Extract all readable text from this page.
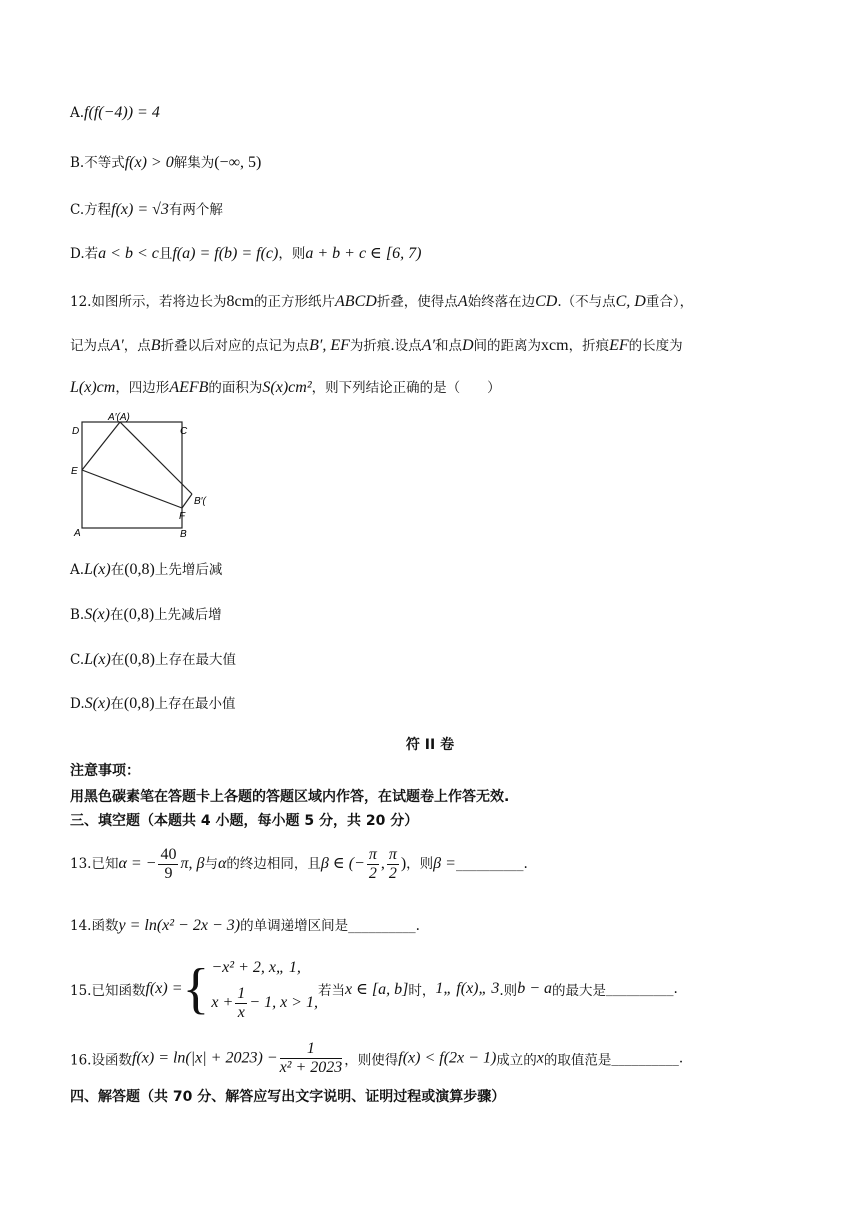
A.f(f(−4)) = 4
B.不等式f(x) > 0解集为(−∞, 5)
C.方程f(x) = √3有两个解
D.若a < b < c且f(a) = f(b) = f(c)，则a + b + c ∈ [6, 7)
12.如图所示，若将边长为8cm的正方形纸片ABCD折叠，使得点A始终落在边CD.（不与点C, D重合），
记为点A′，点B折叠以后对应的点记为点B′, EF为折痕.设点A′和点D间的距离为xcm，折痕EF的长度为
L(x)cm，四边形AEFB的面积为S(x)cm²，则下列结论正确的是（　　）
D
A′(A)
C
E
B′(
F
A	B
A.L(x)在(0,8)上先增后减
B.S(x)在(0,8)上先减后增
C.L(x)在(0,8)上存在最大值
D.S(x)在(0,8)上存在最小值
符 II 卷
注意事项：
用黑色碳素笔在答题卡上各题的答题区域内作答，在试题卷上作答无效.
三、填空题（本题共 4 小题，每小题 5 分，共 20 分）
13.已知α = − $\frac{40}{9} \pi$, β与α的终边相同，且β ∈ (− $\frac{\pi}{2}$ , $\frac{\pi}{2}$ )，则β =__________.
14.函数y = ln(x² − 2x − 3)的单调递增区间是__________.
15.已知函数f(x) ={ −x² + 2, x„ 1,
$x + \frac{1}{x} - 1$, x > 1,
若当x ∈ [a, b]时，1„ f(x)„ 3.则b − a的最大是__________.
16.设函数$f(x) = \ln(|x| + 2023) - \frac{1}{\text{x² + 2023}}$ ，则使得f(x) < f(2x − 1)成立的x的取值范是__________.
四、解答题（共 70 分、解答应写出文字说明、证明过程或演算步骤）
